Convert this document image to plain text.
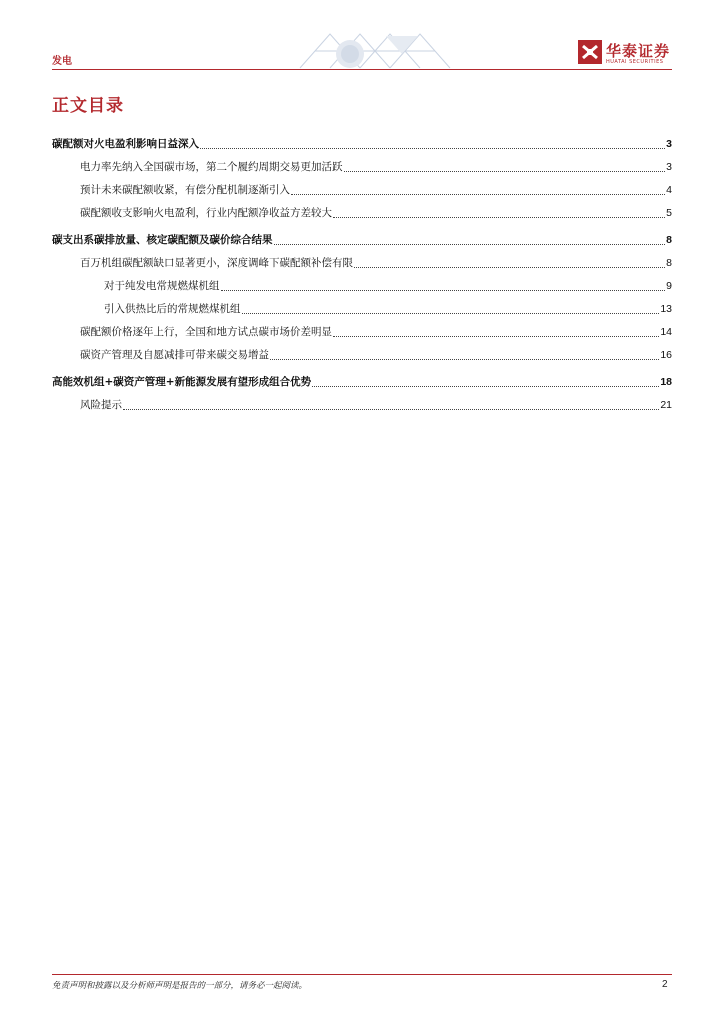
发电
华泰证券
HUATAI SECURITIES
正文目录
碳配额对火电盈利影响日益深入	3
电力率先纳入全国碳市场，第二个履约周期交易更加活跃	3
预计未来碳配额收紧，有偿分配机制逐渐引入	4
碳配额收支影响火电盈利，行业内配额净收益方差较大	5
碳支出系碳排放量、核定碳配额及碳价综合结果	8
百万机组碳配额缺口显著更小，深度调峰下碳配额补偿有限	8
对于纯发电常规燃煤机组	9
引入供热比后的常规燃煤机组	13
碳配额价格逐年上行，全国和地方试点碳市场价差明显	14
碳资产管理及自愿减排可带来碳交易增益	16
高能效机组+碳资产管理+新能源发展有望形成组合优势	18
风险提示	21
免责声明和披露以及分析师声明是报告的一部分，请务必一起阅读。	2
